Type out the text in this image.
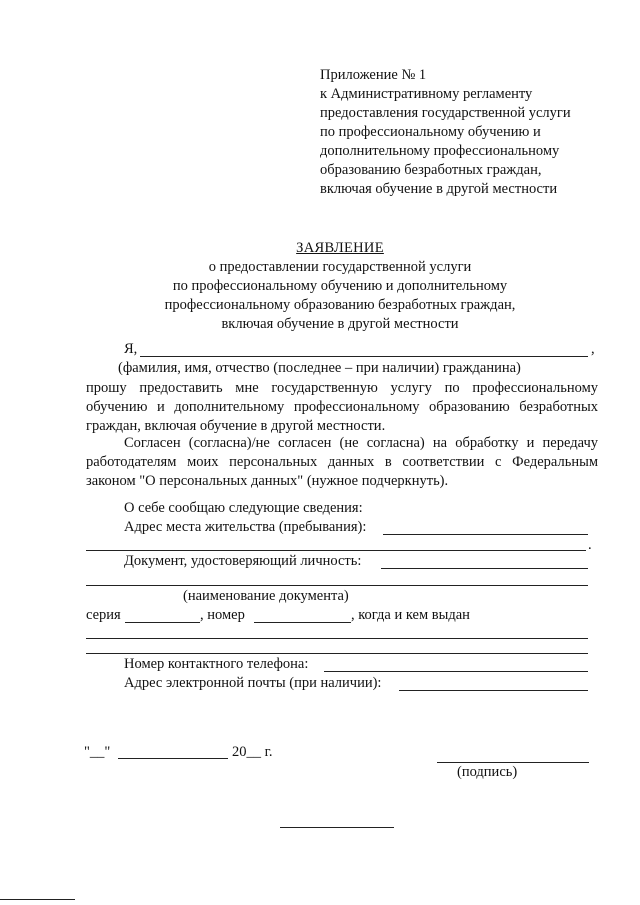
Приложение № 1
к Административному регламенту
предоставления государственной услуги
по профессиональному обучению и
дополнительному профессиональному
образованию безработных граждан,
включая обучение в другой местности
ЗАЯВЛЕНИЕ
о предоставлении государственной услуги
по профессиональному обучению и дополнительному
профессиональному образованию безработных граждан,
включая обучение в другой местности
Я,	,
(фамилия, имя, отчество (последнее – при наличии) гражданина)
прошу предоставить мне государственную услугу по профессиональному
обучению и дополнительному профессиональному образованию безработных
граждан, включая обучение в другой местности.
Согласен (согласна)/не согласен (не согласна) на обработку и передачу
работодателям моих персональных данных в соответствии с Федеральным
законом "О персональных данных" (нужное подчеркнуть).
О себе сообщаю следующие сведения:
Адрес места жительства (пребывания):
.
Документ, удостоверяющий личность:
(наименование документа)
серия	, номер	, когда и кем выдан
Номер контактного телефона:
Адрес электронной почты (при наличии):
"__"	20__ г.
(подпись)
